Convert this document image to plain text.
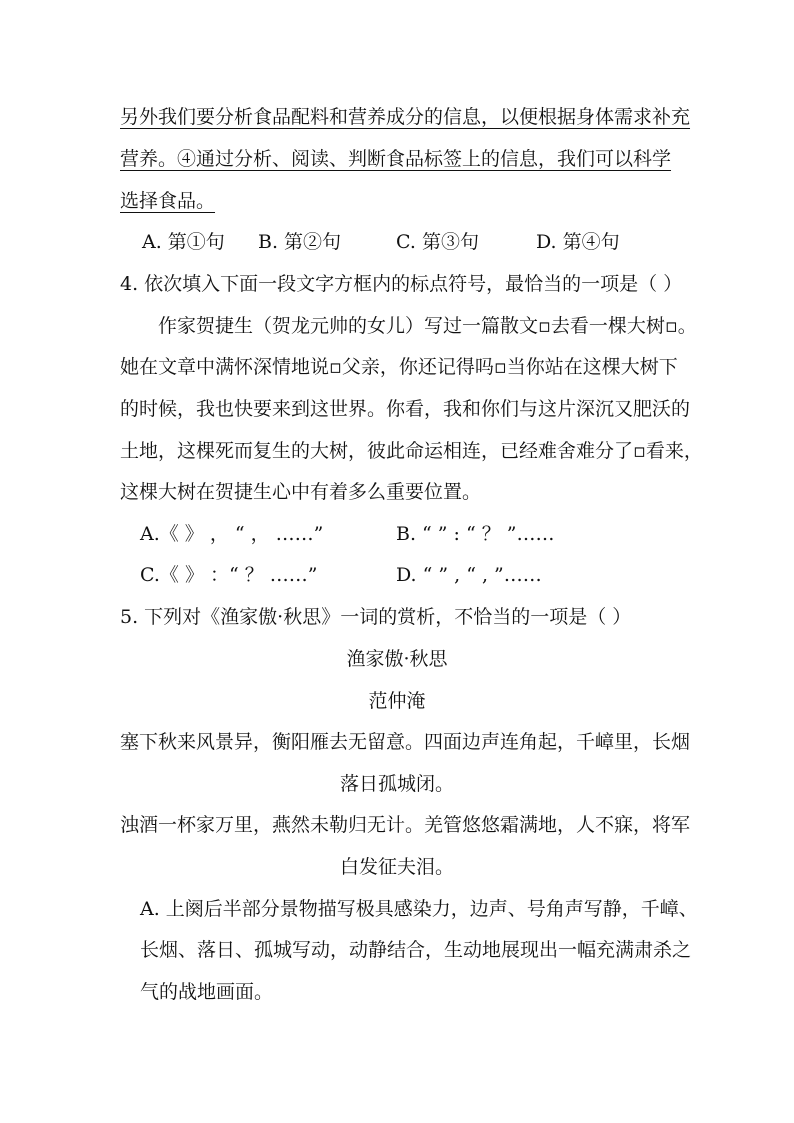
另外我们要分析食品配料和营养成分的信息，以便根据身体需求补充
营养。④通过分析、阅读、判断食品标签上的信息，我们可以科学
选择食品。
A. 第①句 B. 第②句	C. 第③句	D. 第④句
4. 依次填入下面一段文字方框内的标点符号，最恰当的一项是（ ）
作家贺捷生（贺龙元帅的女儿）写过一篇散文▫去看一棵大树▫。
她在文章中满怀深情地说▫父亲，你还记得吗▫当你站在这棵大树下
的时候，我也快要来到这世界。你看，我和你们与这片深沉又肥沃的
土地，这棵死而复生的大树，彼此命运相连，已经难舍难分了▫看来，
这棵大树在贺捷生心中有着多么重要位置。
A.《 》 ， “ ， ……”	B. “ ” : “ ？ ”……
C.《 》 ：“ ？ ……”	D. “ ” , “ , ”……
5. 下列对《渔家傲·秋思》一词的赏析，不恰当的一项是（ ）
渔家傲·秋思
范仲淹
塞下秋来风景异，衡阳雁去无留意。四面边声连角起，千嶂里，长烟
落日孤城闭。
浊酒一杯家万里，燕然未勒归无计。羌管悠悠霜满地，人不寐，将军
白发征夫泪。
A. 上阕后半部分景物描写极具感染力，边声、号角声写静，千嶂、
长烟、落日、孤城写动，动静结合，生动地展现出一幅充满肃杀之
气的战地画面。
